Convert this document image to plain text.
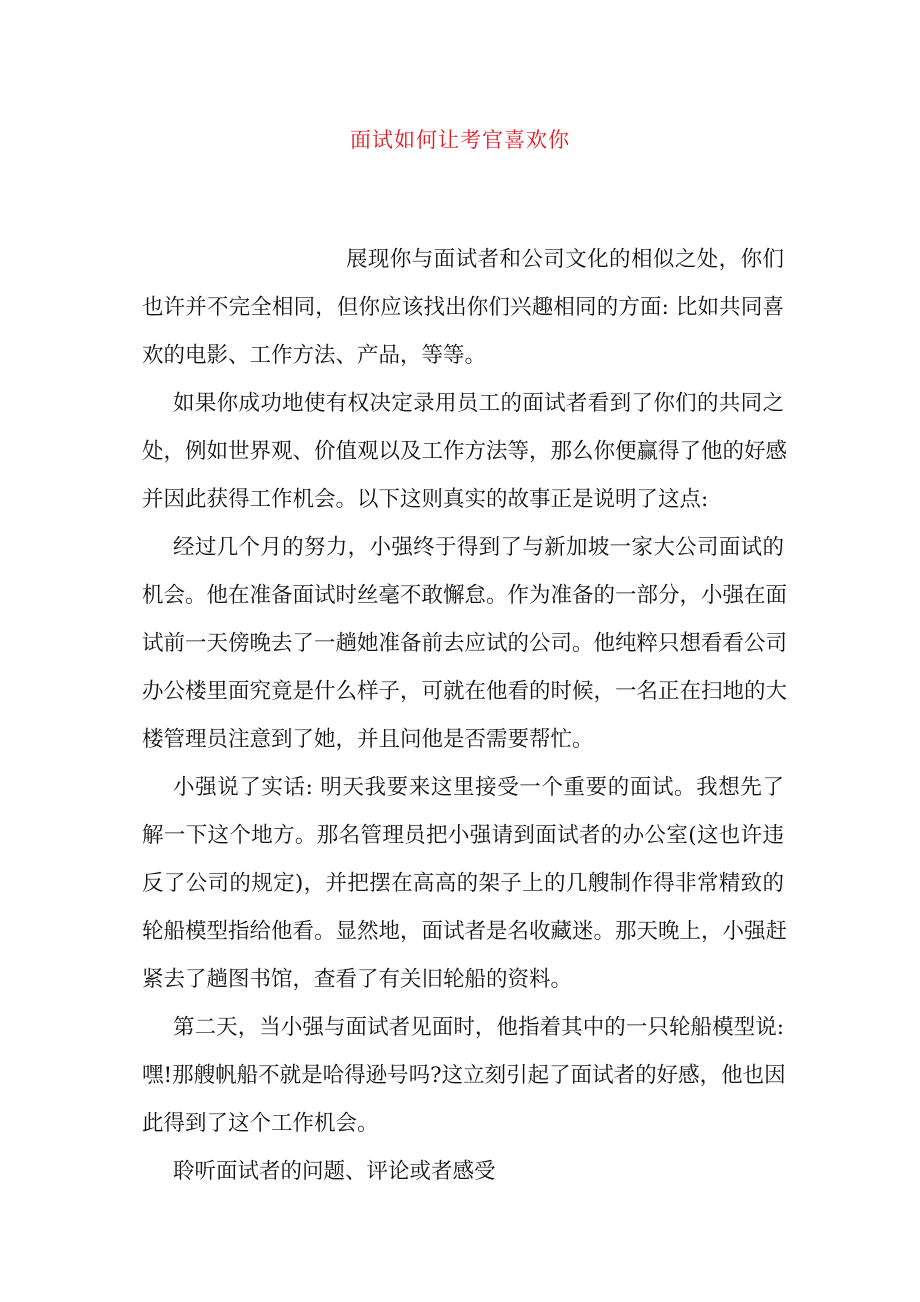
面试如何让考官喜欢你
展现你与面试者和公司文化的相似之处，你们
也许并不完全相同，但你应该找出你们兴趣相同的方面: 比如共同喜
欢的电影、工作方法、产品，等等。
如果你成功地使有权决定录用员工的面试者看到了你们的共同之
处，例如世界观、价值观以及工作方法等，那么你便赢得了他的好感
并因此获得工作机会。以下这则真实的故事正是说明了这点:
经过几个月的努力，小强终于得到了与新加坡一家大公司面试的
机会。他在准备面试时丝毫不敢懈怠。作为准备的一部分，小强在面
试前一天傍晚去了一趟她准备前去应试的公司。他纯粹只想看看公司
办公楼里面究竟是什么样子，可就在他看的时候，一名正在扫地的大
楼管理员注意到了她，并且问他是否需要帮忙。
小强说了实话: 明天我要来这里接受一个重要的面试。我想先了
解一下这个地方。那名管理员把小强请到面试者的办公室(这也许违
反了公司的规定)，并把摆在高高的架子上的几艘制作得非常精致的
轮船模型指给他看。显然地，面试者是名收藏迷。那天晚上，小强赶
紧去了趟图书馆，查看了有关旧轮船的资料。
第二天，当小强与面试者见面时，他指着其中的一只轮船模型说:
嘿!那艘帆船不就是哈得逊号吗?这立刻引起了面试者的好感，他也因
此得到了这个工作机会。
聆听面试者的问题、评论或者感受
